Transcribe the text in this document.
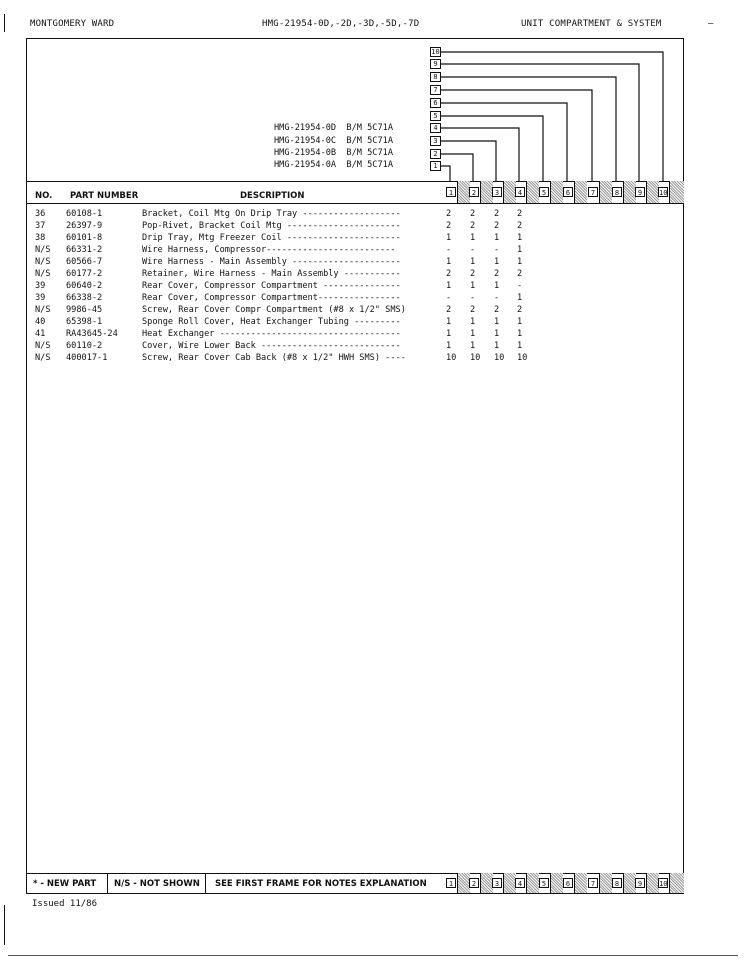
MONTGOMERY WARD	HMG-21954-0D,-2D,-3D,-5D,-7D	UNIT COMPARTMENT & SYSTEM	—
10
9
8
7
6
5
4
3
2
1
HMG-21954-0D  B/M 5C71A
HMG-21954-0C  B/M 5C71A
HMG-21954-0B  B/M 5C71A
HMG-21954-0A  B/M 5C71A
NO. PART NUMBER	DESCRIPTION	1	2	3	4	5	6	7	8	9	10

36 60108-1	Bracket, Coil Mtg On Drip Tray -------------------	2 2 2 2

37 26397-9	Pop-Rivet, Bracket Coil Mtg ----------------------	2 2 2 2

38 60101-8	Drip Tray, Mtg Freezer Coil ----------------------	1 1 1 1

N/S 66331-2	Wire Harness, Compressor-------------------------	- - - 1

N/S 60566-7	Wire Harness - Main Assembly ---------------------	1 1 1 1

N/S 60177-2	Retainer, Wire Harness - Main Assembly -----------	2 2 2 2

39 60640-2	Rear Cover, Compressor Compartment ---------------	1 1 1 -

39 66338-2	Rear Cover, Compressor Compartment----------------	- - - 1

N/S 9986-45	Screw, Rear Cover Compr Compartment (#8 x 1/2" SMS)	2 2 2 2

40 65398-1	Sponge Roll Cover, Heat Exchanger Tubing ---------	1 1 1 1

41 RA43645-24	Heat Exchanger -----------------------------------	1 1 1 1

N/S 60110-2	Cover, Wire Lower Back ---------------------------	1 1 1 1

N/S 400017-1	Screw, Rear Cover Cab Back (#8 x 1/2" HWH SMS) ----	10 10 10 10

* - NEW PART N/S - NOT SHOWN SEE FIRST FRAME FOR NOTES EXPLANATION	1	2	3	4	5	6	7	8	9	10
Issued 11/86
